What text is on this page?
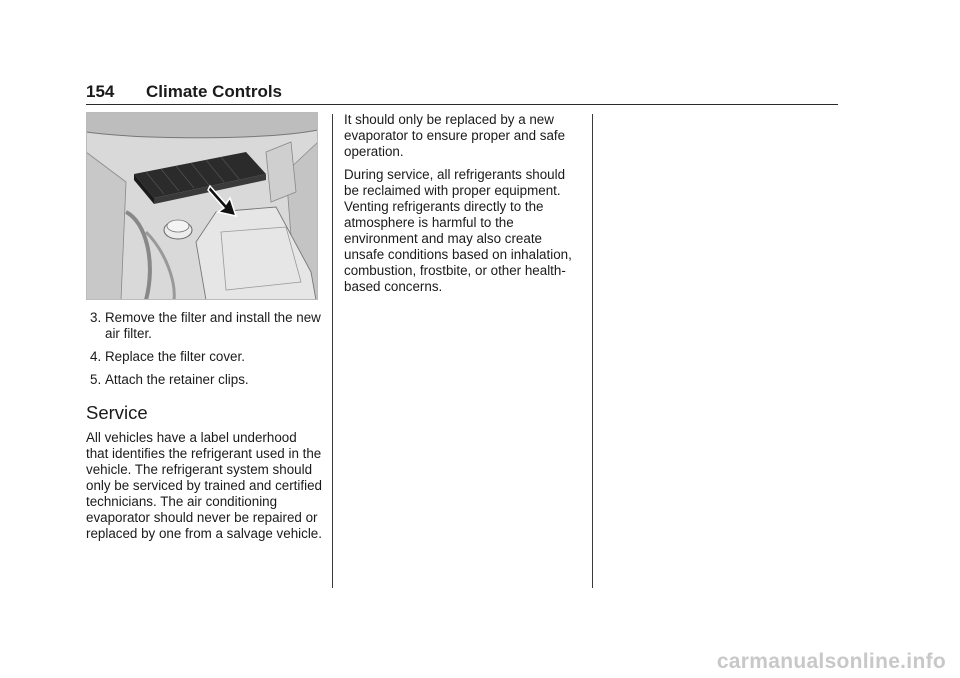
154 Climate Controls
3. Remove the filter and install the new air filter.
4. Replace the filter cover.
5. Attach the retainer clips.
Service

All vehicles have a label underhood that identifies the refrigerant used in the vehicle. The refrigerant system should only be serviced by trained and certified technicians. The air conditioning evaporator should never be repaired or replaced by one from a salvage vehicle.

It should only be replaced by a new evaporator to ensure proper and safe operation.

During service, all refrigerants should be reclaimed with proper equipment. Venting refrigerants directly to the atmosphere is harmful to the environment and may also create unsafe conditions based on inhalation, combustion, frostbite, or other health-based concerns.

carmanualsonline.info
